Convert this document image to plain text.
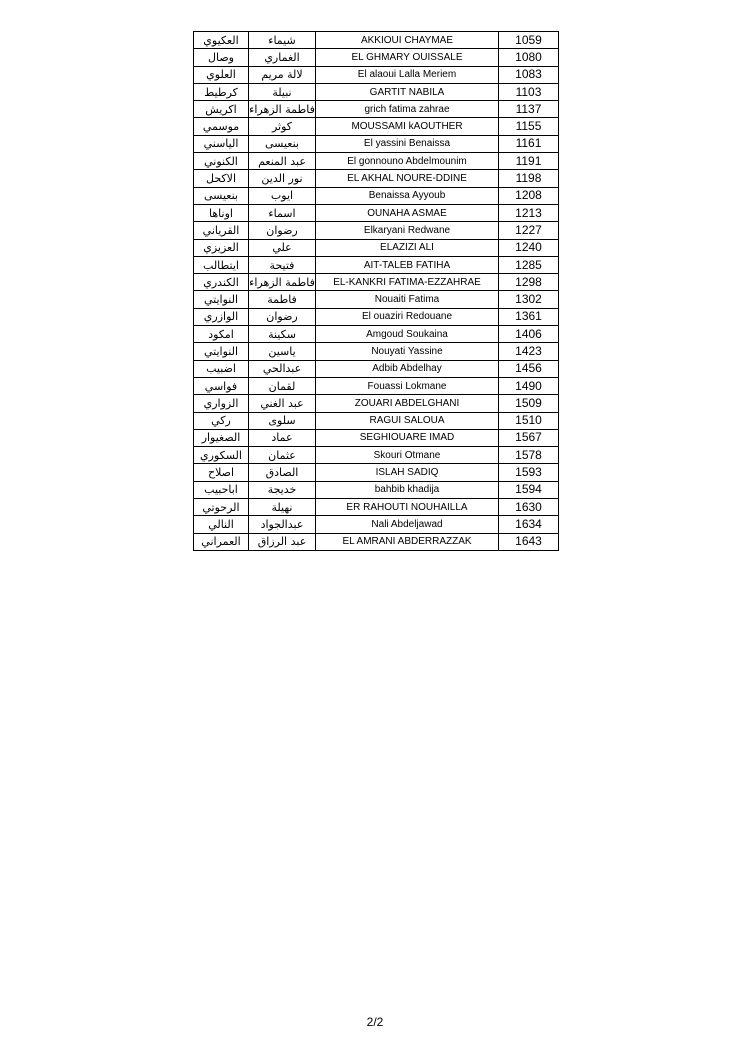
العكيوي	شيماء	AKKIOUI CHAYMAE	1059
وصال	الغماري	EL GHMARY OUISSALE	1080
العلوي	لالة مريم	El alaoui Lalla Meriem	1083
كرطيط	نبيلة	GARTIT NABILA	1103
اكريش	فاطمة الزهراء	grich fatima zahrae	1137
موسمي	كوثر	MOUSSAMI kAOUTHER	1155
الياسني	بنعيسى	El yassini Benaissa	1161
الكنوني	عبد المنعم	El gonnouno Abdelmounim	1191
الاكحل	نور الدين	EL AKHAL NOURE-DDINE	1198
بنعيسى	ايوب	Benaissa Ayyoub	1208
اوناها	اسماء	OUNAHA ASMAE	1213
القرياني	رضوان	Elkaryani Redwane	1227
العزيزي	علي	ELAZIZI ALI	1240
ايتطالب	فتيحة	AIT-TALEB FATIHA	1285
الكندري	فاطمة الزهراء	EL-KANKRI FATIMA-EZZAHRAE	1298
النوايتي	فاطمة	Nouaiti Fatima	1302
الوازري	رضوان	El ouaziri Redouane	1361
امكود	سكينة	Amgoud Soukaina	1406
النوايتي	ياسين	Nouyati Yassine	1423
اضبيب	عبدالحي	Adbib Abdelhay	1456
فواسي	لقمان	Fouassi Lokmane	1490
الزواري	عبد الغني	ZOUARI ABDELGHANI	1509
ركي	سلوى	RAGUI SALOUA	1510
الصغيوار	عماد	SEGHIOUARE IMAD	1567
السكوري	عثمان	Skouri Otmane	1578
اصلاح	الصادق	ISLAH SADIQ	1593
اباحبيب	خديجة	bahbib khadija	1594
الرحوتي	نهيلة	ER RAHOUTI NOUHAILLA	1630
النالي	عبدالجواد	Nali Abdeljawad	1634
العمراني	عبد الرزاق	EL AMRANI ABDERRAZZAK	1643
2/2
